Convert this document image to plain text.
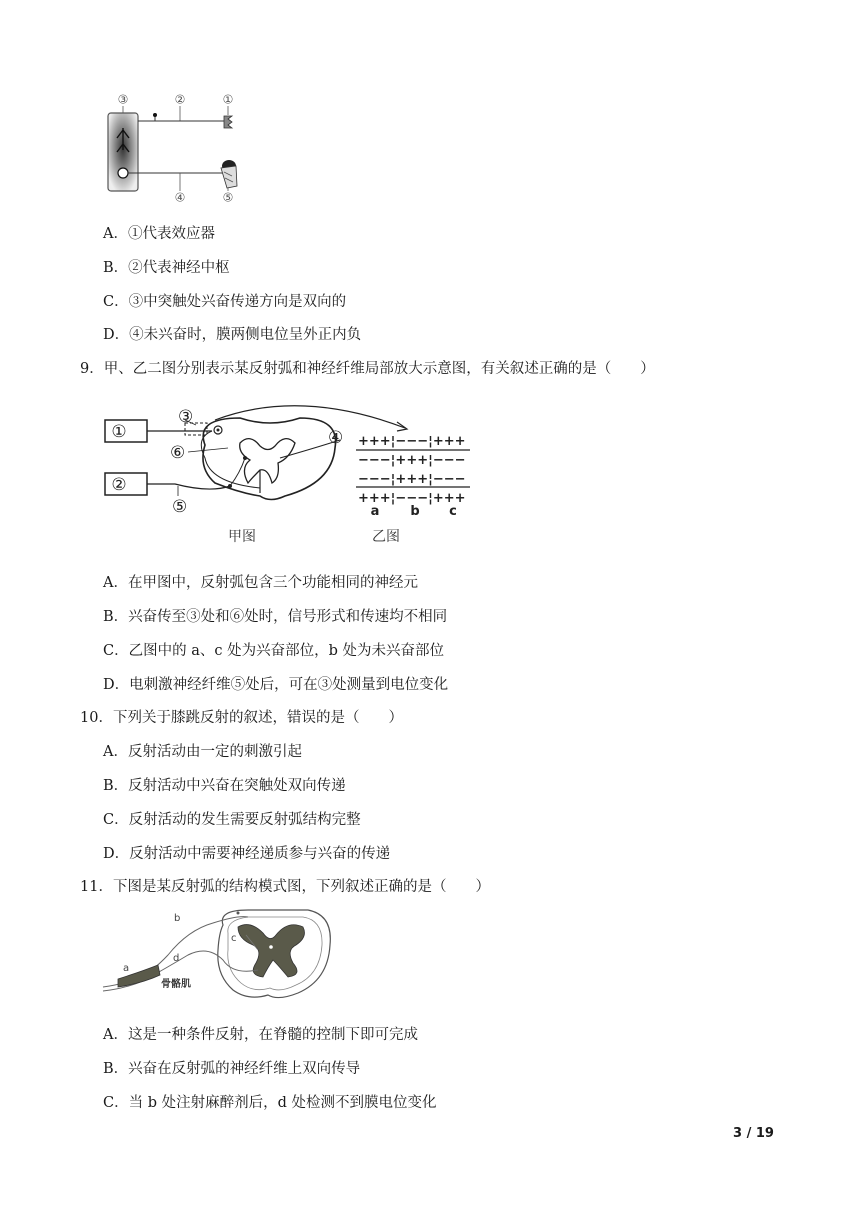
③	②	①
④	⑤
A．①代表效应器
B．②代表神经中枢
C．③中突触处兴奋传递方向是双向的
D．④未兴奋时，膜两侧电位呈外正内负
9．甲、乙二图分别表示某反射弧和神经纤维局部放大示意图，有关叙述正确的是（　　）
①
②
③
⑥
④
⑤
甲图
+++¦−−−¦+++
−−−¦+++¦−−−
−−−¦+++¦−−−
+++¦−−−¦+++
a b c
乙图
A．在甲图中，反射弧包含三个功能相同的神经元
B．兴奋传至③处和⑥处时，信号形式和传速均不相同
C．乙图中的 a、c 处为兴奋部位，b 处为未兴奋部位
D．电刺激神经纤维⑤处后，可在③处测量到电位变化
10．下列关于膝跳反射的叙述，错误的是（　　）
A．反射活动由一定的刺激引起
B．反射活动中兴奋在突触处双向传递
C．反射活动的发生需要反射弧结构完整
D．反射活动中需要神经递质参与兴奋的传递
11．下图是某反射弧的结构模式图，下列叙述正确的是（　　）
b
c
a
d
骨骼肌
A．这是一种条件反射，在脊髓的控制下即可完成
B．兴奋在反射弧的神经纤维上双向传导
C．当 b 处注射麻醉剂后，d 处检测不到膜电位变化
3 / 19
